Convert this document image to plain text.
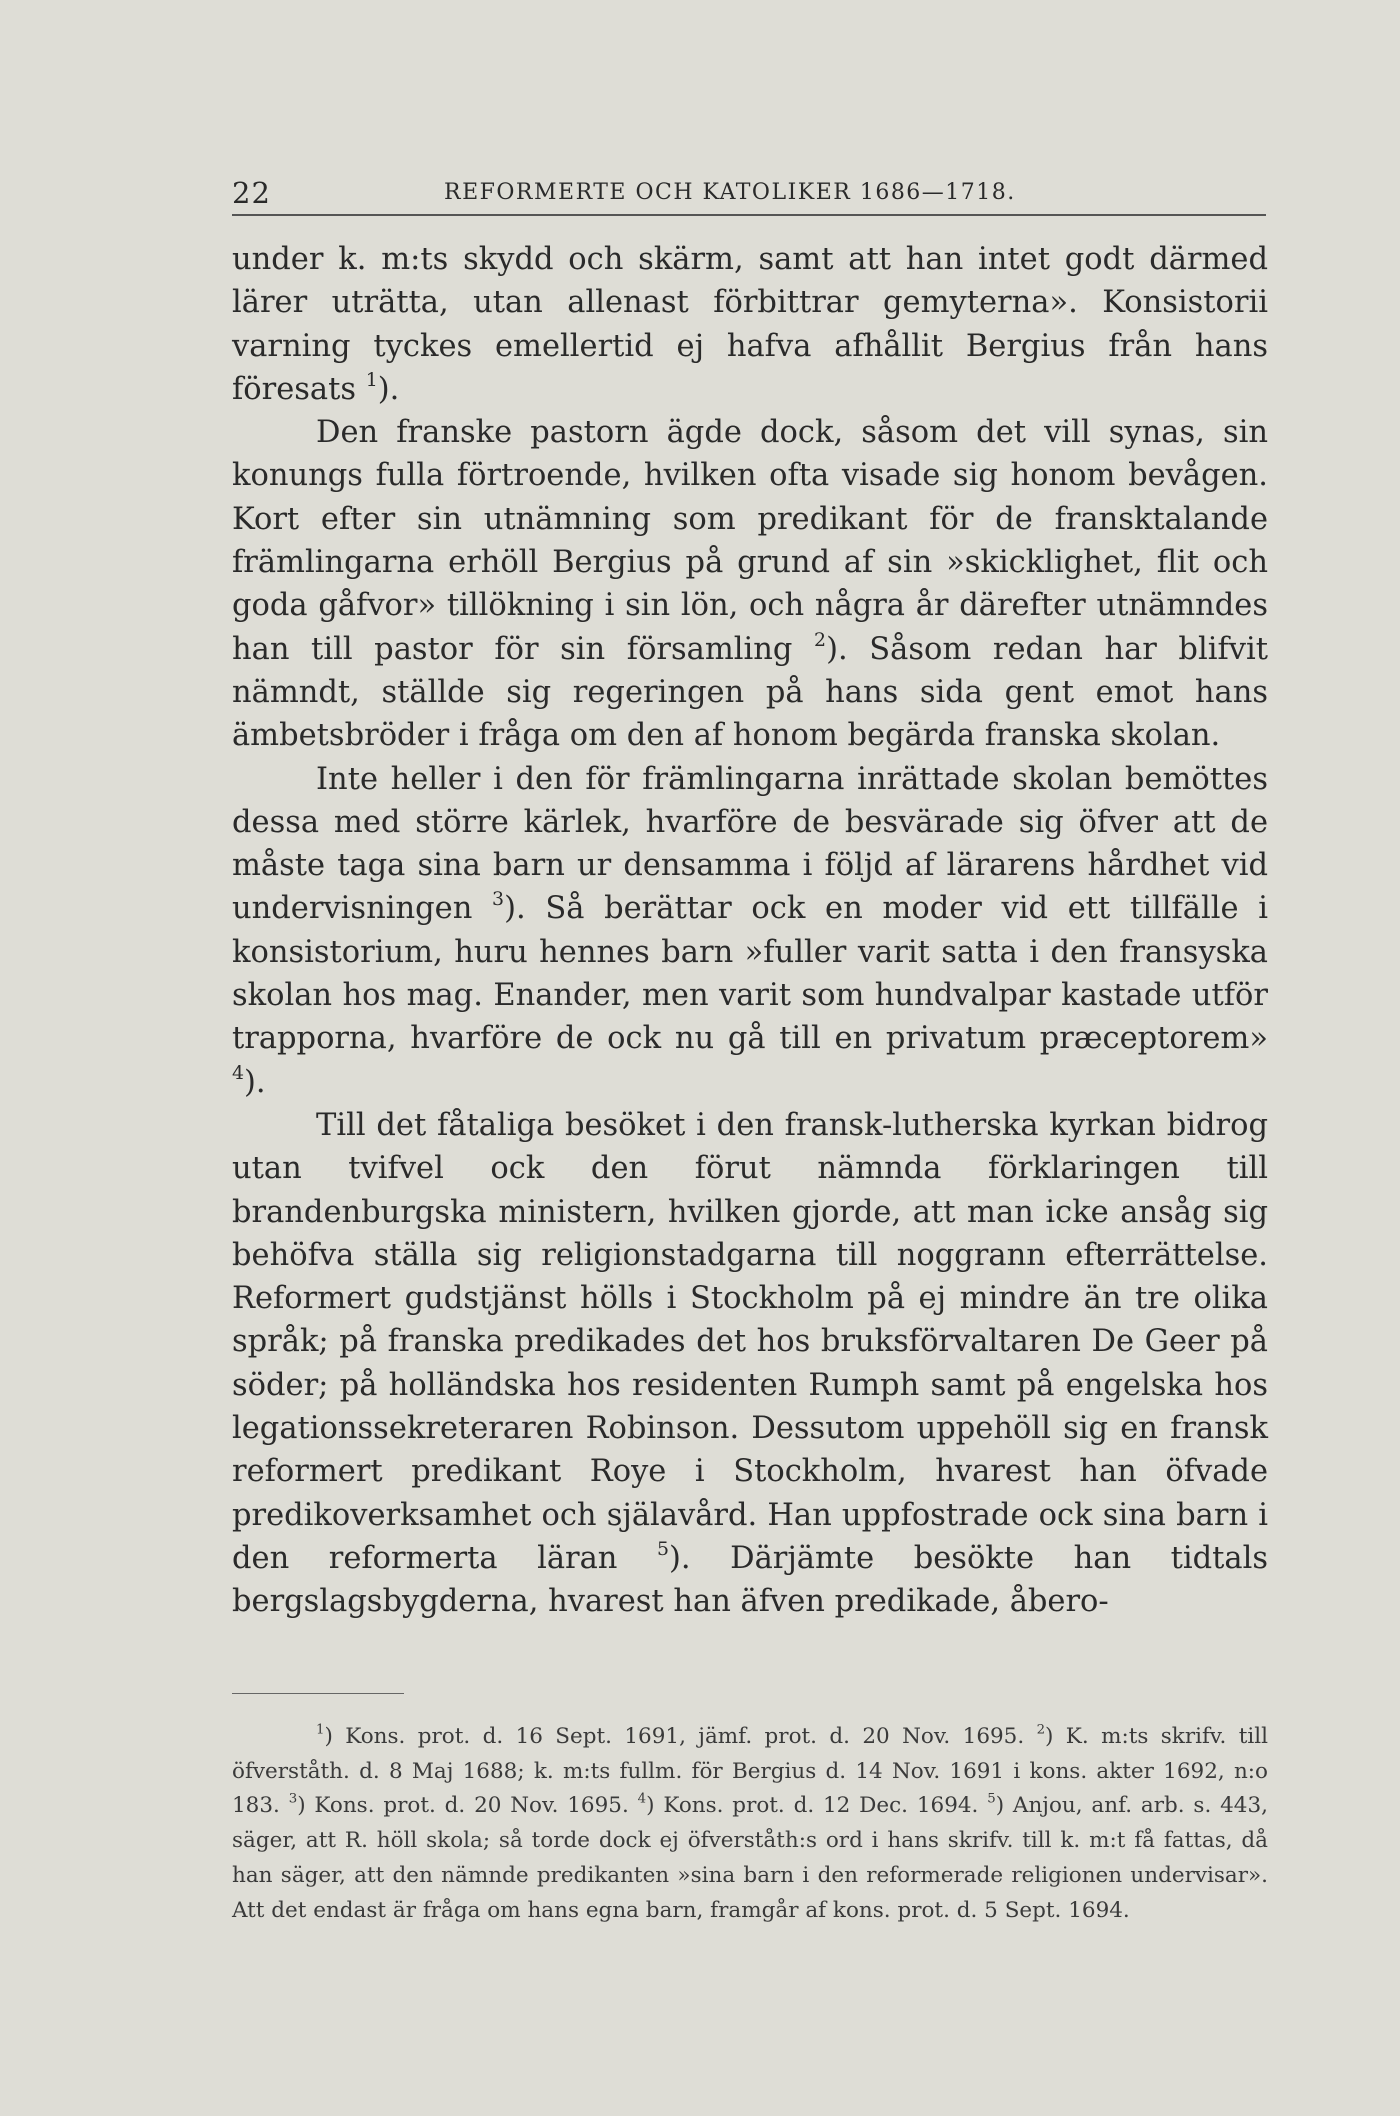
22	REFORMERTE OCH KATOLIKER 1686—1718.

under k. m:ts skydd och skärm, samt att han intet godt därmed lärer uträtta, utan allenast förbittrar gemyterna». Konsistorii varning tyckes emellertid ej hafva afhållit Bergius från hans föresats $^1$).

Den franske pastorn ägde dock, såsom det vill synas, sin konungs fulla förtroende, hvilken ofta visade sig honom bevågen. Kort efter sin utnämning som predikant för de fransktalande främlingarna erhöll Bergius på grund af sin »skicklighet, flit och goda gåfvor» tillökning i sin lön, och några år därefter utnämndes han till pastor för sin församling $^2$). Såsom redan har blifvit nämndt, ställde sig regeringen på hans sida gent emot hans ämbetsbröder i fråga om den af honom begärda franska skolan.

Inte heller i den för främlingarna inrättade skolan bemöttes dessa med större kärlek, hvarföre de besvärade sig öfver att de måste taga sina barn ur densamma i följd af lärarens hårdhet vid undervisningen $^3$). Så berättar ock en moder vid ett tillfälle i konsistorium, huru hennes barn »fuller varit satta i den fransyska skolan hos mag. Enander, men varit som hundvalpar kastade utför trapporna, hvarföre de ock nu gå till en privatum præceptorem» $^4$).

Till det fåtaliga besöket i den fransk-lutherska kyrkan bidrog utan tvifvel ock den förut nämnda förklaringen till brandenburgska ministern, hvilken gjorde, att man icke ansåg sig behöfva ställa sig religionstadgarna till noggrann efterrättelse. Reformert gudstjänst hölls i Stockholm på ej mindre än tre olika språk; på franska predikades det hos bruksförvaltaren De Geer på söder; på holländska hos residenten Rumph samt på engelska hos legationssekreteraren Robinson. Dessutom uppehöll sig en fransk reformert predikant Roye i Stockholm, hvarest han öfvade predikoverksamhet och själavård. Han uppfostrade ock sina barn i den reformerta läran $^5$). Därjämte besökte han tidtals bergslagsbygderna, hvarest han äfven predikade, åbero-

$^1$) Kons. prot. d. 16 Sept. 1691, jämf. prot. d. 20 Nov. 1695. $^2$) K. m:ts skrifv. till öfverståth. d. 8 Maj 1688; k. m:ts fullm. för Bergius d. 14 Nov. 1691 i kons. akter 1692, n:o 183. $^3$) Kons. prot. d. 20 Nov. 1695. $^4$) Kons. prot. d. 12 Dec. 1694. $^5$) Anjou, anf. arb. s. 443, säger, att R. höll skola; så torde dock ej öfverståth:s ord i hans skrifv. till k. m:t få fattas, då han säger, att den nämnde predikanten »sina barn i den reformerade religionen undervisar». Att det endast är fråga om hans egna barn, framgår af kons. prot. d. 5 Sept. 1694.
